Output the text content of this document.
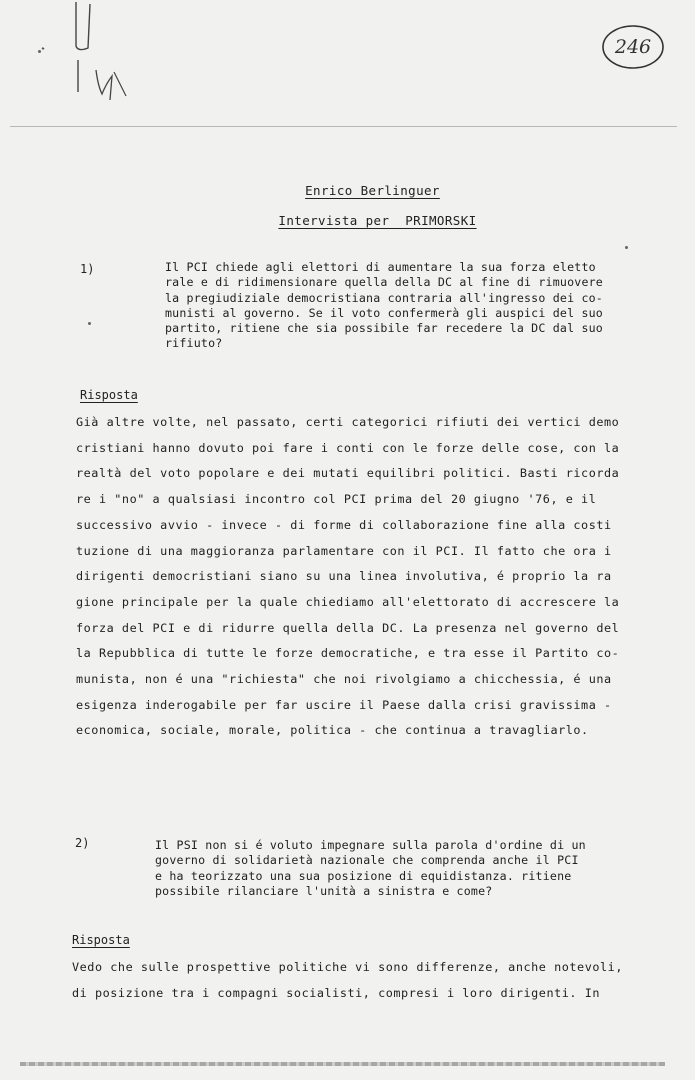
246
Enrico Berlinguer
Intervista per  PRIMORSKI
1)	Il PCI chiede agli elettori di aumentare la sua forza eletto
rale e di ridimensionare quella della DC al fine di rimuovere
la pregiudiziale democristiana contraria all'ingresso dei co-
munisti al governo. Se il voto confermerà gli auspici del suo
partito, ritiene che sia possibile far recedere la DC dal suo
rifiuto?
Risposta
Già altre volte, nel passato, certi categorici rifiuti dei vertici demo
cristiani hanno dovuto poi fare i conti con le forze delle cose, con la
realtà del voto popolare e dei mutati equilibri politici. Basti ricorda
re i "no" a qualsiasi incontro col PCI prima del 20 giugno '76, e il
successivo avvio - invece - di forme di collaborazione fine alla costi
tuzione di una maggioranza parlamentare con il PCI. Il fatto che ora i
dirigenti democristiani siano su una linea involutiva, é proprio la ra
gione principale per la quale chiediamo all'elettorato di accrescere la
forza del PCI e di ridurre quella della DC. La presenza nel governo del
la Repubblica di tutte le forze democratiche, e tra esse il Partito co-
munista, non é una "richiesta" che noi rivolgiamo a chicchessia, é una
esigenza inderogabile per far uscire il Paese dalla crisi gravissima -
economica, sociale, morale, politica - che continua a travagliarlo.
2)	Il PSI non si é voluto impegnare sulla parola d'ordine di un
governo di solidarietà nazionale che comprenda anche il PCI
e ha teorizzato una sua posizione di equidistanza. ritiene
possibile rilanciare l'unità a sinistra e come?
Risposta
Vedo che sulle prospettive politiche vi sono differenze, anche notevoli,
di posizione tra i compagni socialisti, compresi i loro dirigenti. In
